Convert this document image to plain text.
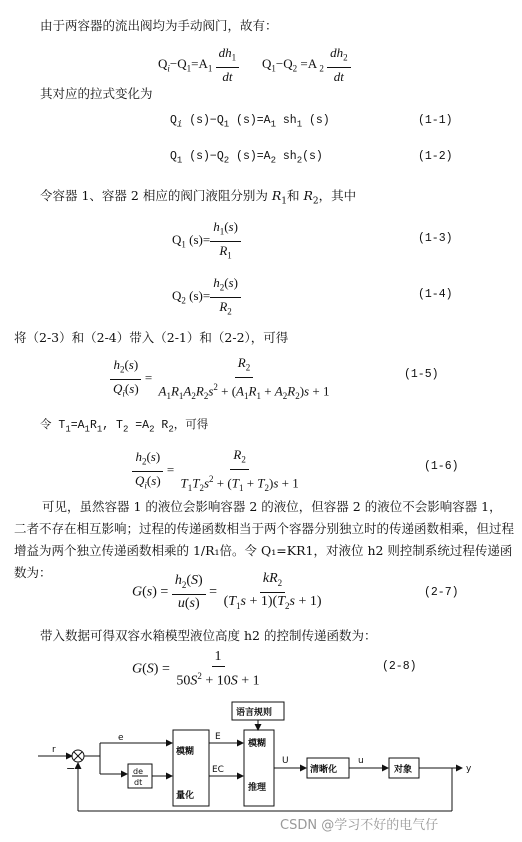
由于两容器的流出阀均为手动阀门，故有：
$Q_i-Q_1=A_1 \frac{dh_1}{dt} Q_1-Q_2 =A$ $_2 \frac{dh_2}{dt}$
其对应的拉式变化为
$Q_i$ $(s)-Q_1$ $(s)=A_1$ $sh_1$ (s)	(1-1)
$Q_1$ $(s)-Q_2$ $(s)=A_2$ $sh_2(s)$	(1-2)
令容器 1、容器 2 相应的阀门液阻分别为 $R_1$和 $R_2$，其中
$Q_1$ $(s)= \frac{h_1(s)}{R_1}$	(1-3)
$Q_2$ $(s)= \frac{h_2(s)}{R_2}$	(1-4)
将（2-3）和（2-4）带入（2-1）和（2-2），可得
$\frac{h_2(s)}{Q_i(s)} = \frac{R_2}{A_1R_1A_2R_2s^2 + (A_1R_1 + A_2R_2)s + 1}$	(1-5)
令 $T_1=A_1R_1$, $T_2 =A_2$ $R_2$，可得
$\frac{h_2(s)}{Q_i(s)} = \frac{R_2}{T_1T_2s^2 + (T_1 + T_2)s + 1}$	(1-6)
可见，虽然容器 1 的液位会影响容器 2 的液位，但容器 2 的液位不会影响容器 1，二者不存在相互影响；过程的传递函数相当于两个容器分别独立时的传递函数相乘，但过程增益为两个独立传递函数相乘的 1/R₁倍。令 Q₁=KR1，对液位 h2 则控制系统过程传递函数为：
$G(s) = \frac{h_2(S)}{u(s)} = \frac{kR_2}{(T_1s + 1)(T_2s + 1)}$	(2-7)
带入数据可得双容水箱模型液位高度 h2 的控制传递函数为：
$G(S) = \frac{1}{50S^2 + 10S + 1}$	(2-8)
r
e
−	de
dt
模糊
量化
E
EC
语言规则
模糊
推理
U
清晰化
u
对象	y
CSDN @学习不好的电气仔
